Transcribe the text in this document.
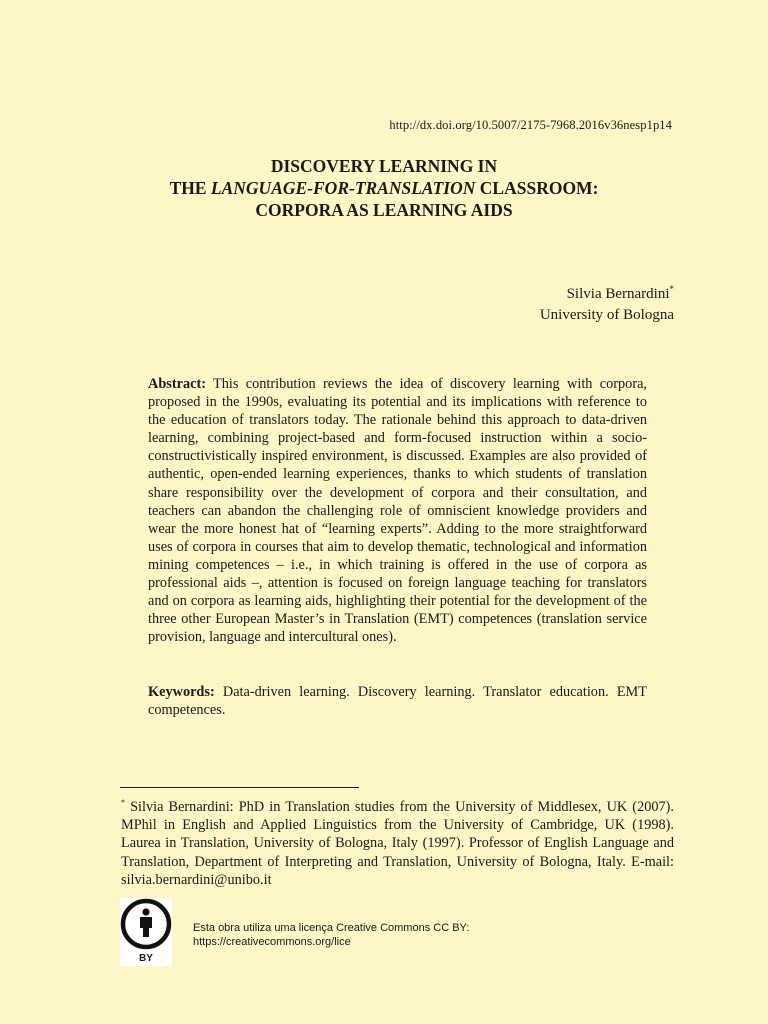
http://dx.doi.org/10.5007/2175-7968.2016v36nesp1p14
DISCOVERY LEARNING IN
THE LANGUAGE-FOR-TRANSLATION CLASSROOM:
CORPORA AS LEARNING AIDS
Silvia Bernardini*
University of Bologna
Abstract: This contribution reviews the idea of discovery learning with corpora, proposed in the 1990s, evaluating its potential and its implications with reference to the education of translators today. The rationale behind this approach to data-driven learning, combining project-based and form-focused instruction within a socio-constructivistically inspired environment, is discussed. Examples are also provided of authentic, open-ended learning experiences, thanks to which students of translation share responsibility over the development of corpora and their consultation, and teachers can abandon the challenging role of omniscient knowledge providers and wear the more honest hat of “learning experts”. Adding to the more straightforward uses of corpora in courses that aim to develop thematic, technological and information mining competences – i.e., in which training is offered in the use of corpora as professional aids –, attention is focused on foreign language teaching for translators and on corpora as learning aids, highlighting their potential for the development of the three other European Master’s in Translation (EMT) competences (translation service provision, language and intercultural ones).
Keywords: Data-driven learning. Discovery learning. Translator education. EMT competences.
* Silvia Bernardini: PhD in Translation studies from the University of Middlesex, UK (2007). MPhil in English and Applied Linguistics from the University of Cambridge, UK (1998). Laurea in Translation, University of Bologna, Italy (1997). Professor of English Language and Translation, Department of Interpreting and Translation, University of Bologna, Italy. E-mail: silvia.bernardini@unibo.it
BY
Esta obra utiliza uma licença Creative Commons CC BY:
https://creativecommons.org/lice
